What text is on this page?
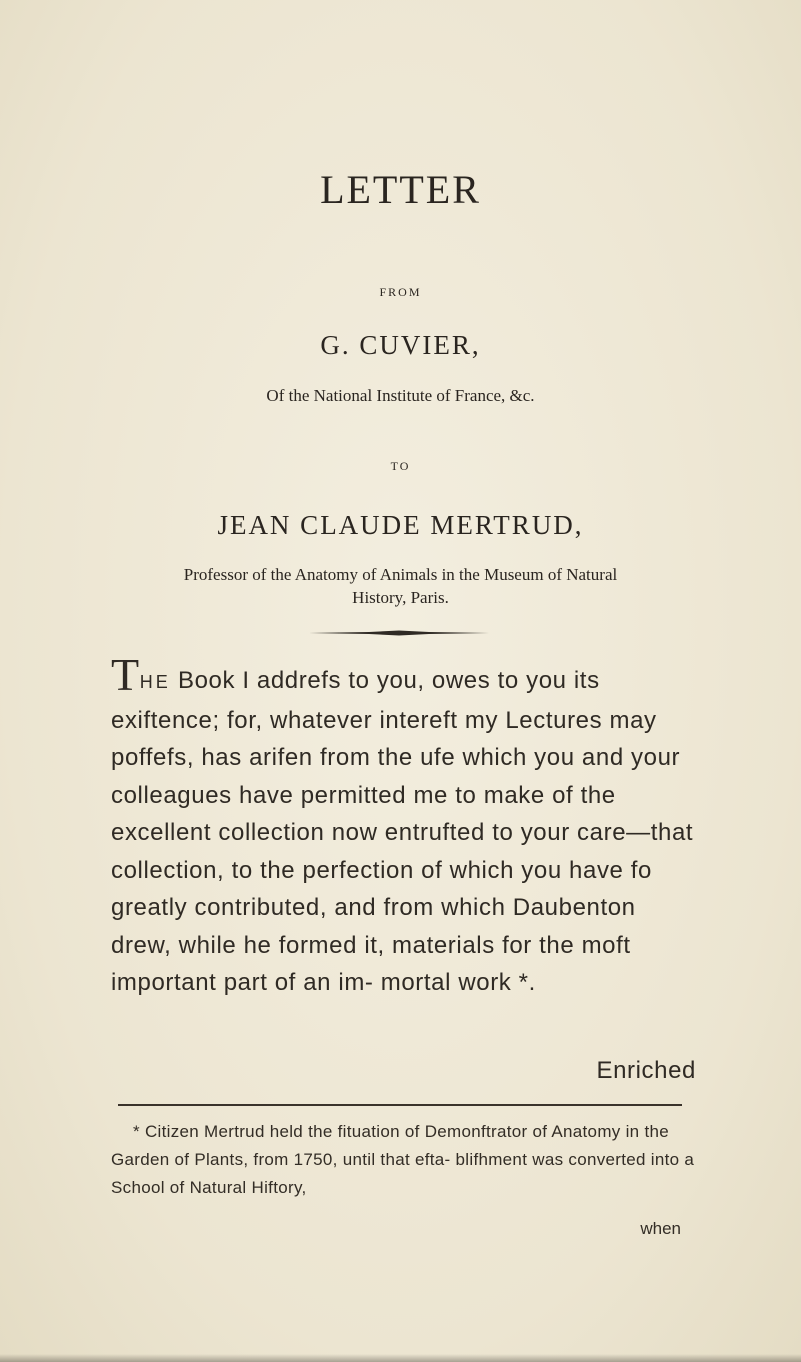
LETTER
FROM
G. CUVIER,
Of the National Institute of France, &c.
TO
JEAN CLAUDE MERTRUD,
Professor of the Anatomy of Animals in the Museum of Natural
History, Paris.
THE Book I addrefs to you, owes to you its exiftence; for, whatever intereft my Lectures may poffefs, has arifen from the ufe which you and your colleagues have permitted me to make of the excellent collection now entrufted to your care—that collection, to the perfection of which you have fo greatly contributed, and from which Daubenton drew, while he formed it, materials for the moft important part of an im- mortal work *.
Enriched
* Citizen Mertrud held the fituation of Demonftrator of Anatomy in the Garden of Plants, from 1750, until that efta- blifhment was converted into a School of Natural Hiftory,
when
